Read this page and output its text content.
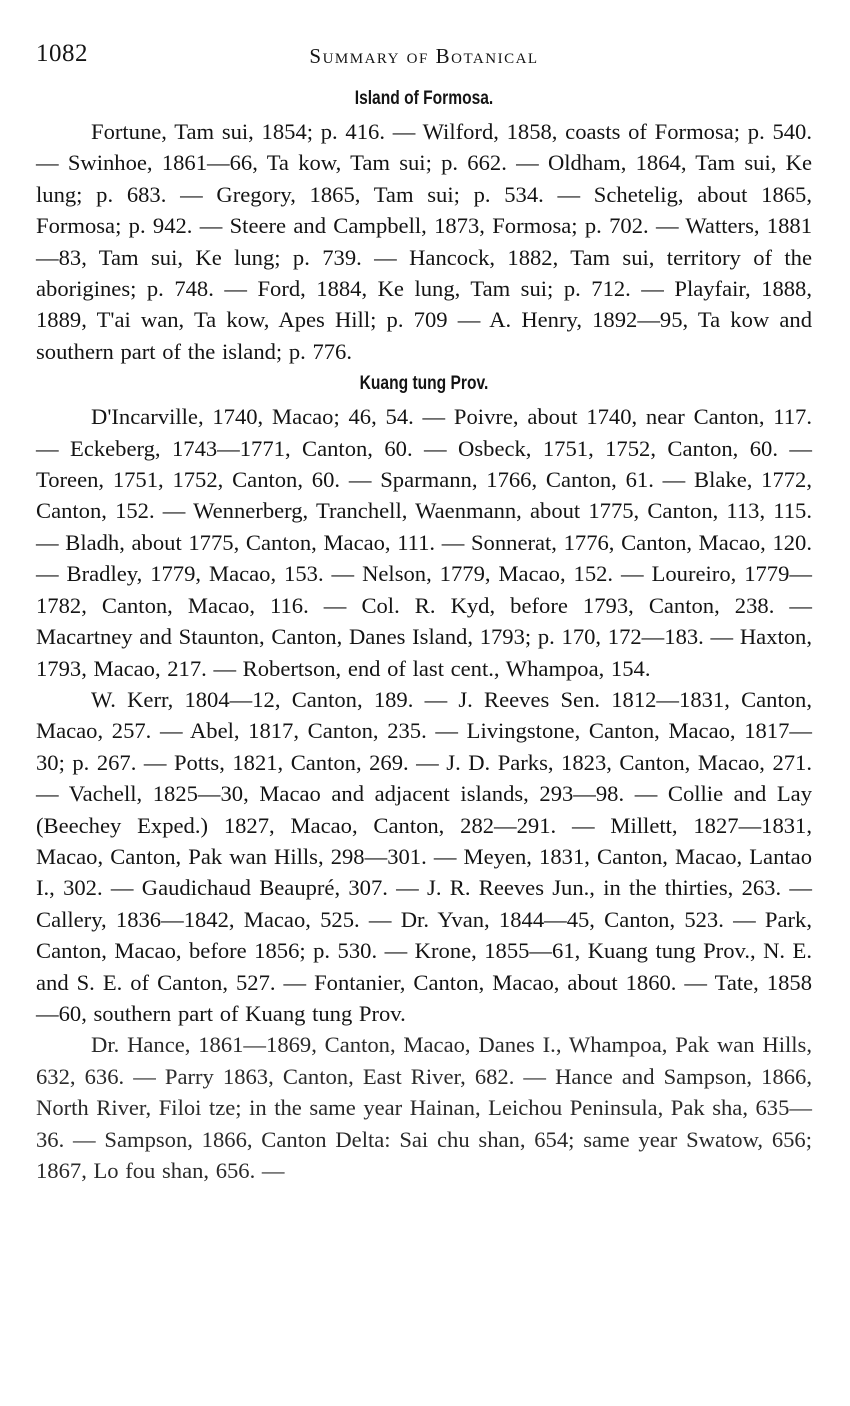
1082	Summary of Botanical
Island of Formosa.

Fortune, Tam sui, 1854; p. 416. — Wilford, 1858, coasts of Formosa; p. 540. — Swinhoe, 1861—66, Ta kow, Tam sui; p. 662. — Oldham, 1864, Tam sui, Ke lung; p. 683. — Gregory, 1865, Tam sui; p. 534. — Schetelig, about 1865, Formosa; p. 942. — Steere and Campbell, 1873, Formosa; p. 702. — Watters, 1881—83, Tam sui, Ke lung; p. 739. — Hancock, 1882, Tam sui, territory of the aborigines; p. 748. — Ford, 1884, Ke lung, Tam sui; p. 712. — Playfair, 1888, 1889, T'ai wan, Ta kow, Apes Hill; p. 709 — A. Henry, 1892—95, Ta kow and southern part of the island; p. 776.

Kuang tung Prov.

D'Incarville, 1740, Macao; 46, 54. — Poivre, about 1740, near Canton, 117. — Eckeberg, 1743—1771, Canton, 60. — Osbeck, 1751, 1752, Canton, 60. — Toreen, 1751, 1752, Canton, 60. — Sparmann, 1766, Canton, 61. — Blake, 1772, Canton, 152. — Wennerberg, Tranchell, Waenmann, about 1775, Canton, 113, 115. — Bladh, about 1775, Canton, Macao, 111. — Sonnerat, 1776, Canton, Macao, 120. — Bradley, 1779, Macao, 153. — Nelson, 1779, Macao, 152. — Loureiro, 1779—1782, Canton, Macao, 116. — Col. R. Kyd, before 1793, Canton, 238. — Macartney and Staunton, Canton, Danes Island, 1793; p. 170, 172—183. — Haxton, 1793, Macao, 217. — Robertson, end of last cent., Whampoa, 154.

W. Kerr, 1804—12, Canton, 189. — J. Reeves Sen. 1812—1831, Canton, Macao, 257. — Abel, 1817, Canton, 235. — Livingstone, Canton, Macao, 1817—30; p. 267. — Potts, 1821, Canton, 269. — J. D. Parks, 1823, Canton, Macao, 271. — Vachell, 1825—30, Macao and adjacent islands, 293—98. — Collie and Lay (Beechey Exped.) 1827, Macao, Canton, 282—291. — Millett, 1827—1831, Macao, Canton, Pak wan Hills, 298—301. — Meyen, 1831, Canton, Macao, Lantao I., 302. — Gaudichaud Beaupré, 307. — J. R. Reeves Jun., in the thirties, 263. — Callery, 1836—1842, Macao, 525. — Dr. Yvan, 1844—45, Canton, 523. — Park, Canton, Macao, before 1856; p. 530. — Krone, 1855—61, Kuang tung Prov., N. E. and S. E. of Canton, 527. — Fontanier, Canton, Macao, about 1860. — Tate, 1858—60, southern part of Kuang tung Prov.

Dr. Hance, 1861—1869, Canton, Macao, Danes I., Whampoa, Pak wan Hills, 632, 636. — Parry 1863, Canton, East River, 682. — Hance and Sampson, 1866, North River, Filoi tze; in the same year Hainan, Leichou Peninsula, Pak sha, 635—36. — Sampson, 1866, Canton Delta: Sai chu shan, 654; same year Swatow, 656; 1867, Lo fou shan, 656. —
